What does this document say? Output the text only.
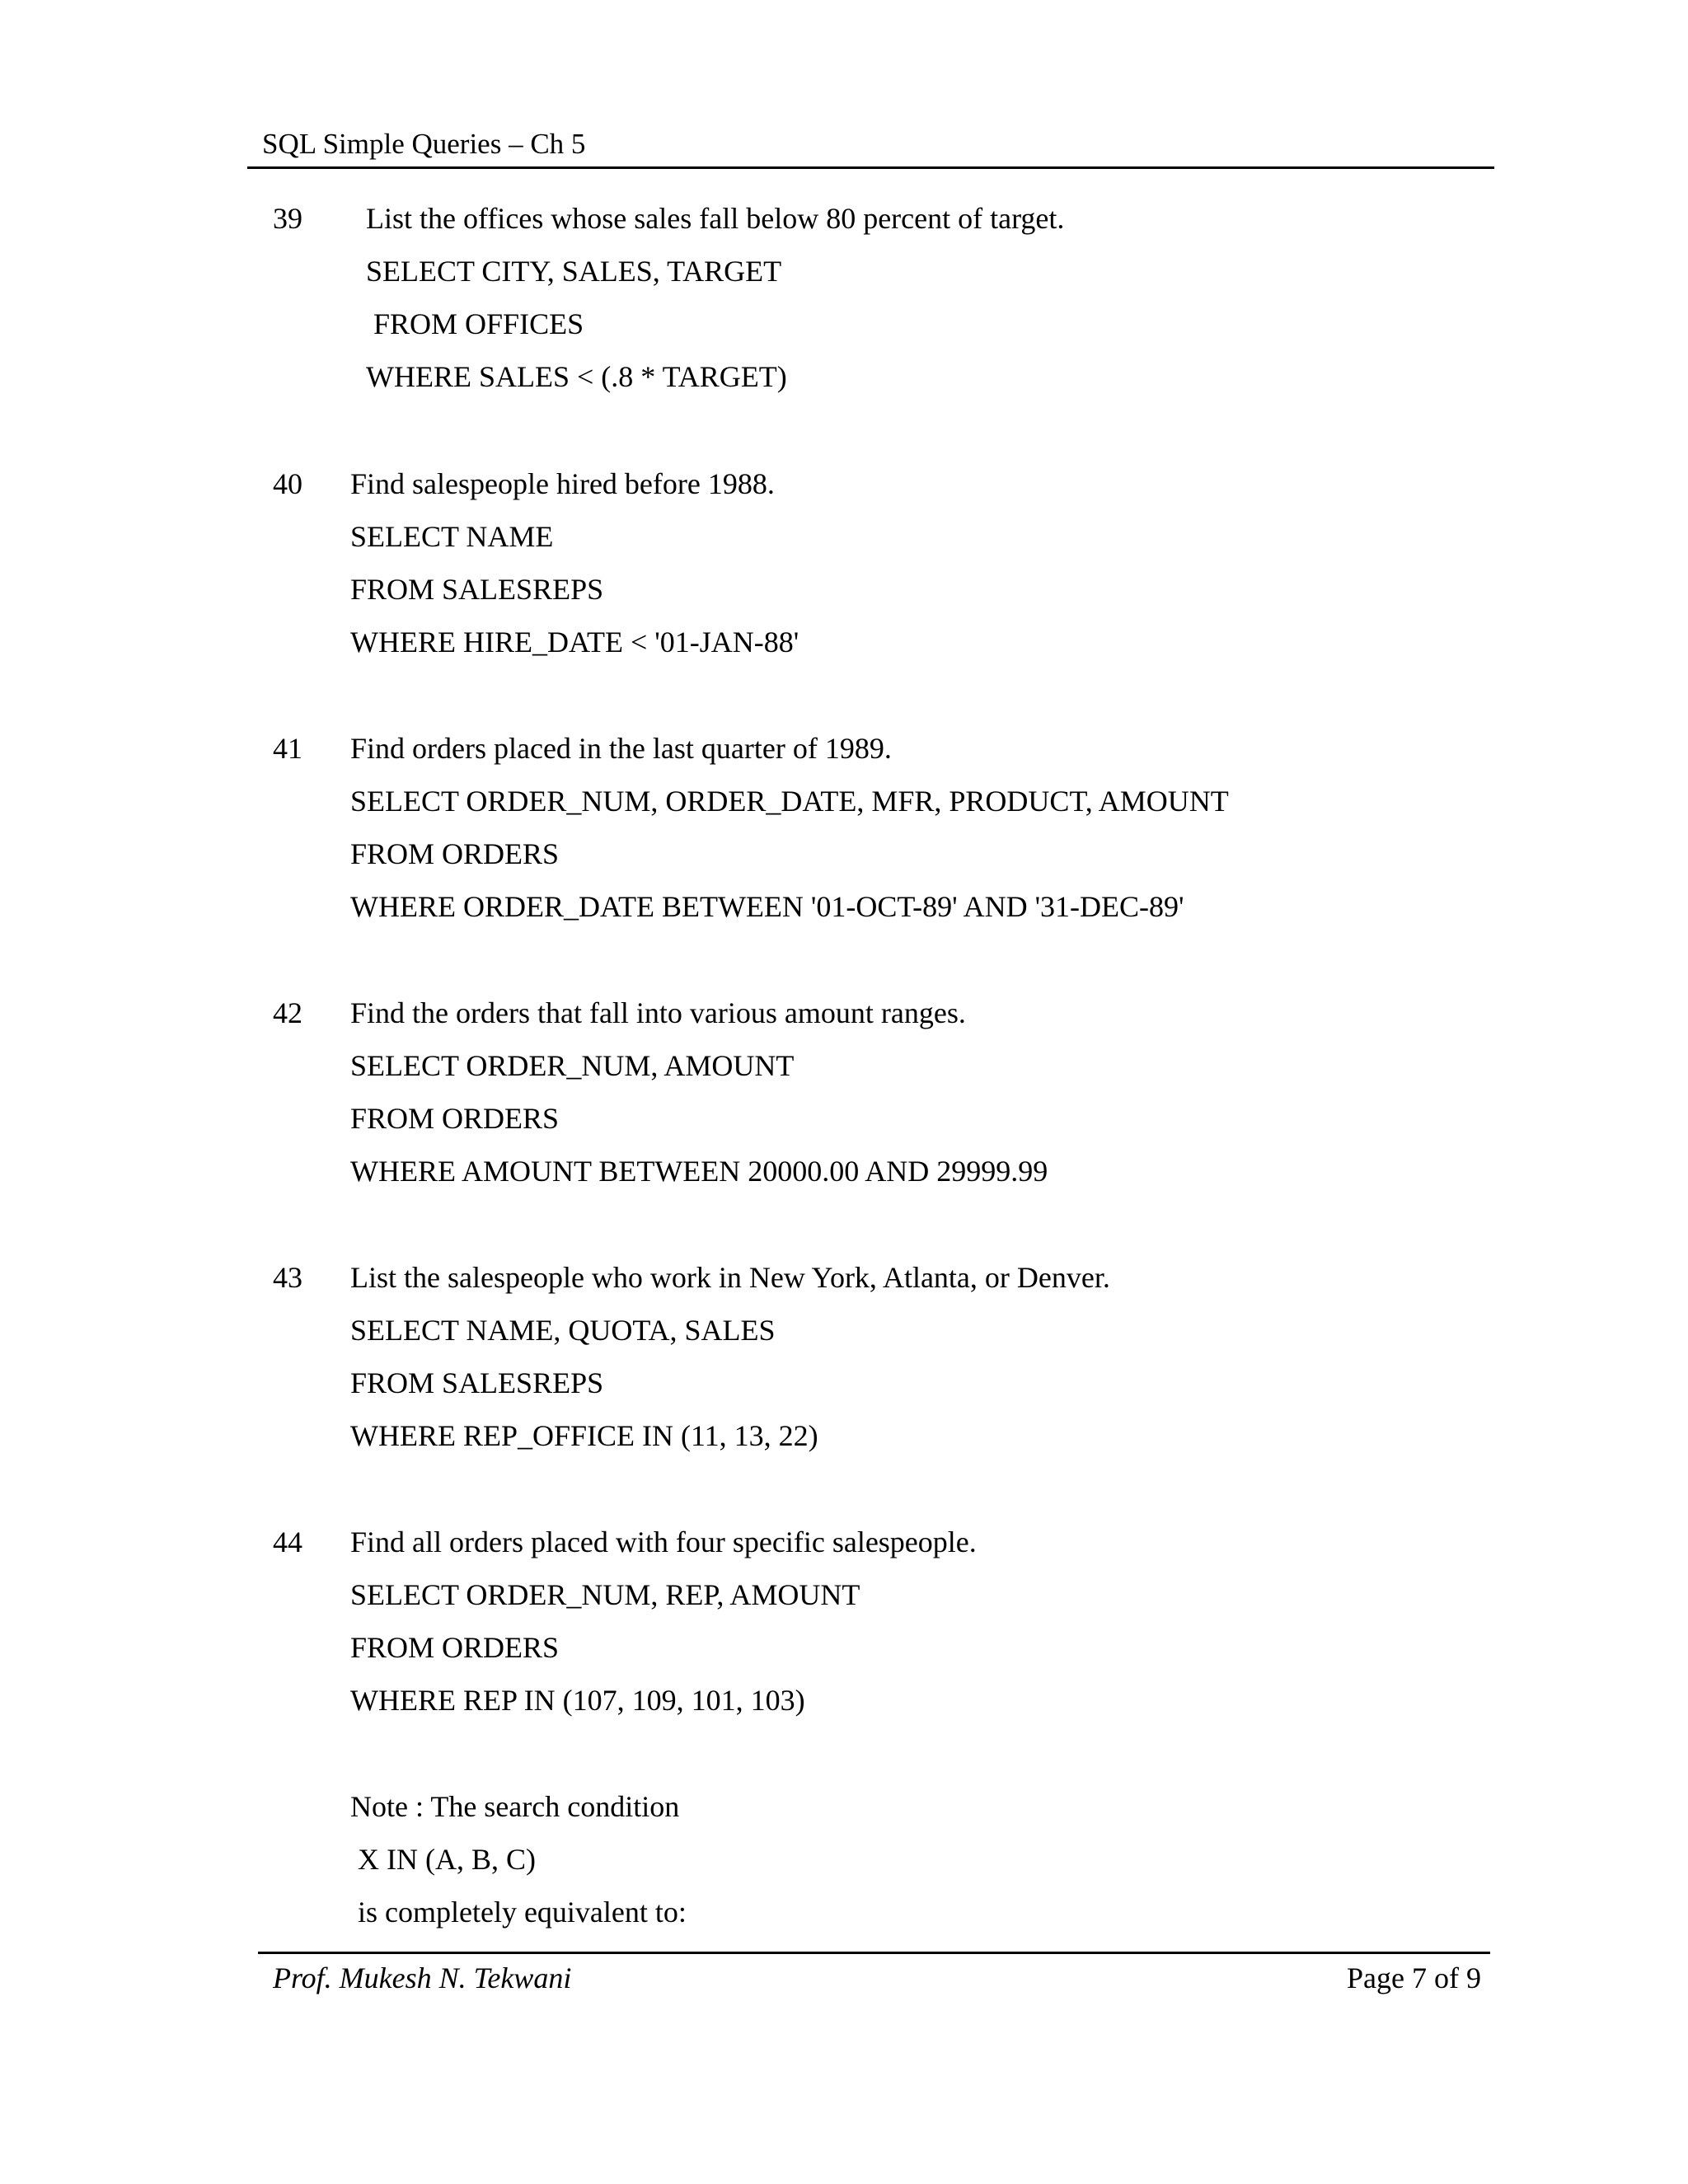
SQL Simple Queries – Ch 5
39 List the offices whose sales fall below 80 percent of target.
SELECT CITY, SALES, TARGET
FROM OFFICES
WHERE SALES < (.8 * TARGET)
40 Find salespeople hired before 1988.
SELECT NAME
FROM SALESREPS
WHERE HIRE_DATE < '01-JAN-88'
41 Find orders placed in the last quarter of 1989.
SELECT ORDER_NUM, ORDER_DATE, MFR, PRODUCT, AMOUNT
FROM ORDERS
WHERE ORDER_DATE BETWEEN '01-OCT-89' AND '31-DEC-89'
42 Find the orders that fall into various amount ranges.
SELECT ORDER_NUM, AMOUNT
FROM ORDERS
WHERE AMOUNT BETWEEN 20000.00 AND 29999.99
43 List the salespeople who work in New York, Atlanta, or Denver.
SELECT NAME, QUOTA, SALES
FROM SALESREPS
WHERE REP_OFFICE IN (11, 13, 22)
44 Find all orders placed with four specific salespeople.
SELECT ORDER_NUM, REP, AMOUNT
FROM ORDERS
WHERE REP IN (107, 109, 101, 103)
Note : The search condition
X IN (A, B, C)
is completely equivalent to:
Prof. Mukesh N. Tekwani	Page 7 of 9
